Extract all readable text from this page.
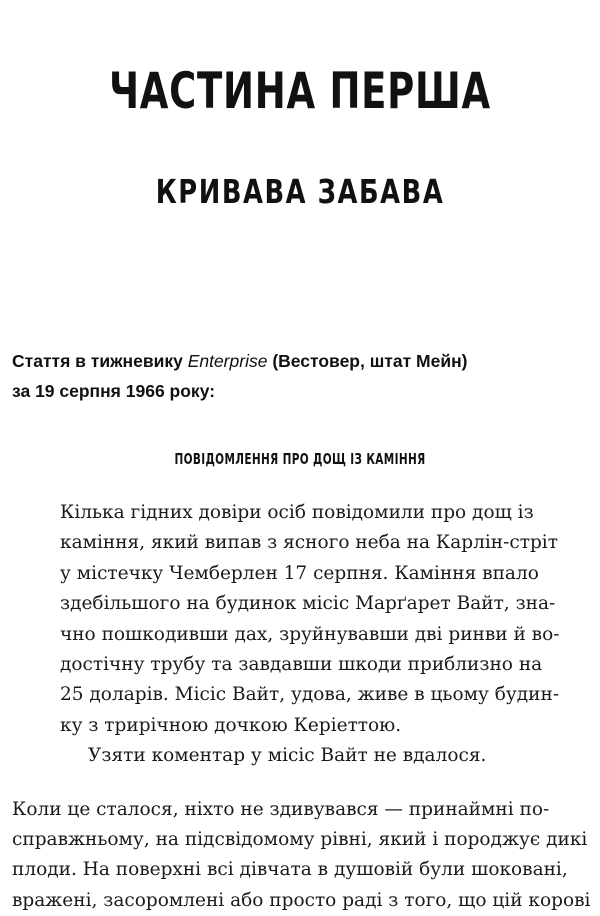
ЧАСТИНА ПЕРША
КРИВАВА ЗАБАВА
Стаття в тижневику Enterprise (Вестовер, штат Мейн)
за 19 серпня 1966 року:
ПОВІДОМЛЕННЯ ПРО ДОЩ ІЗ КАМІННЯ
Кілька гідних довіри осіб повідомили про дощ із
каміння, який випав з ясного неба на Карлін-стріт
у містечку Чемберлен 17 серпня. Каміння впало
здебільшого на будинок місіс Марґарет Вайт, зна-
чно пошкодивши дах, зруйнувавши дві ринви й во-
достічну трубу та завдавши шкоди приблизно на
25 доларів. Місіс Вайт, удова, живе в цьому будин-
ку з трирічною дочкою Керіеттою.
Узяти коментар у місіс Вайт не вдалося.
Коли це сталося, ніхто не здивувався — принаймні по-
справжньому, на підсвідомому рівні, який і породжує дикі
плоди. На поверхні всі дівчата в душовій були шоковані,
вражені, засоромлені або просто раді з того, що цій корові
